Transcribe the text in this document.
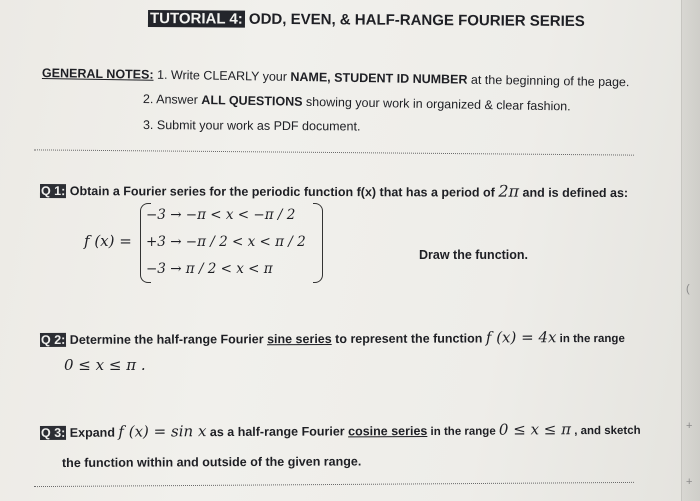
TUTORIAL 4: ODD, EVEN, & HALF-RANGE FOURIER SERIES
GENERAL NOTES: 1. Write CLEARLY your NAME, STUDENT ID NUMBER at the beginning of the page.
2. Answer ALL QUESTIONS showing your work in organized & clear fashion.
3. Submit your work as PDF document.
Q 1: Obtain a Fourier series for the periodic function f(x) that has a period of 2π and is defined as:
f (x) =
−3 → −π < x < −π / 2
+3 → −π / 2 < x < π / 2
−3 → π / 2 < x < π
Draw the function.
Q 2: Determine the half-range Fourier sine series to represent the function f (x) = 4x in the range
0 ≤ x ≤ π .
Q 3: Expand f (x) = sin x as a half-range Fourier cosine series in the range 0 ≤ x ≤ π , and sketch
the function within and outside of the given range.
(
+
+
